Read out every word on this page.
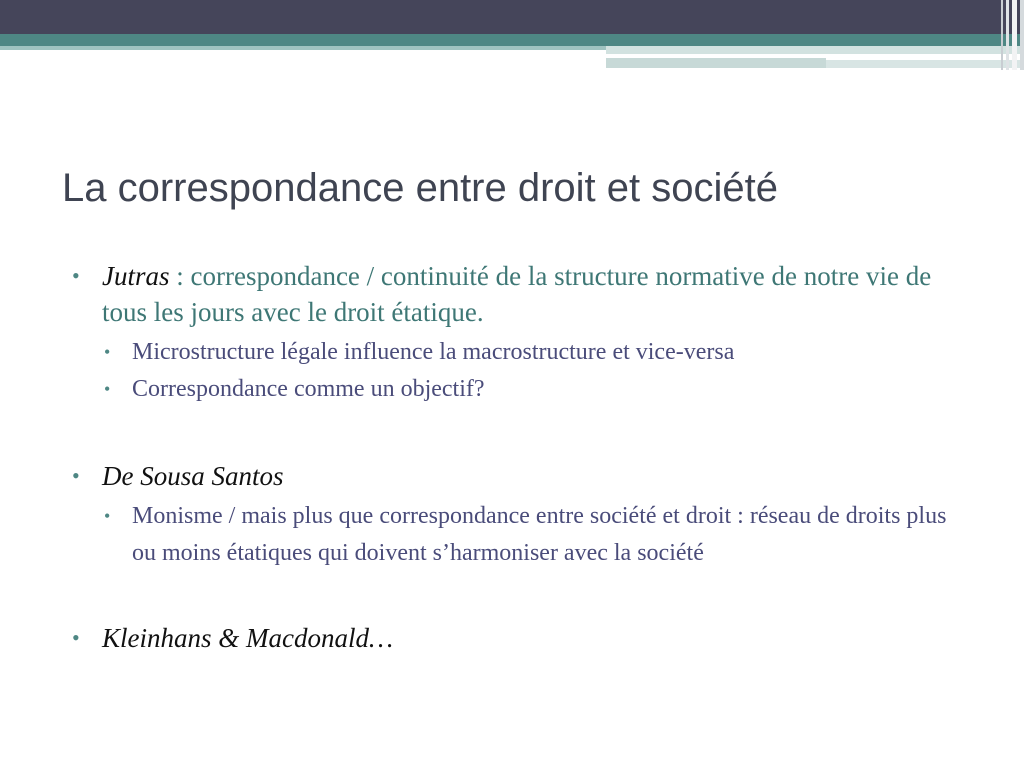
La correspondance entre droit et société
• Jutras : correspondance / continuité de la structure normative de notre vie de tous les jours avec le droit étatique.
• Microstructure légale influence la macrostructure et vice-versa
• Correspondance comme un objectif?
• De Sousa Santos
• Monisme / mais plus que correspondance entre société et droit : réseau de droits plus ou moins étatiques qui doivent s’harmoniser avec la société
• Kleinhans & Macdonald…
